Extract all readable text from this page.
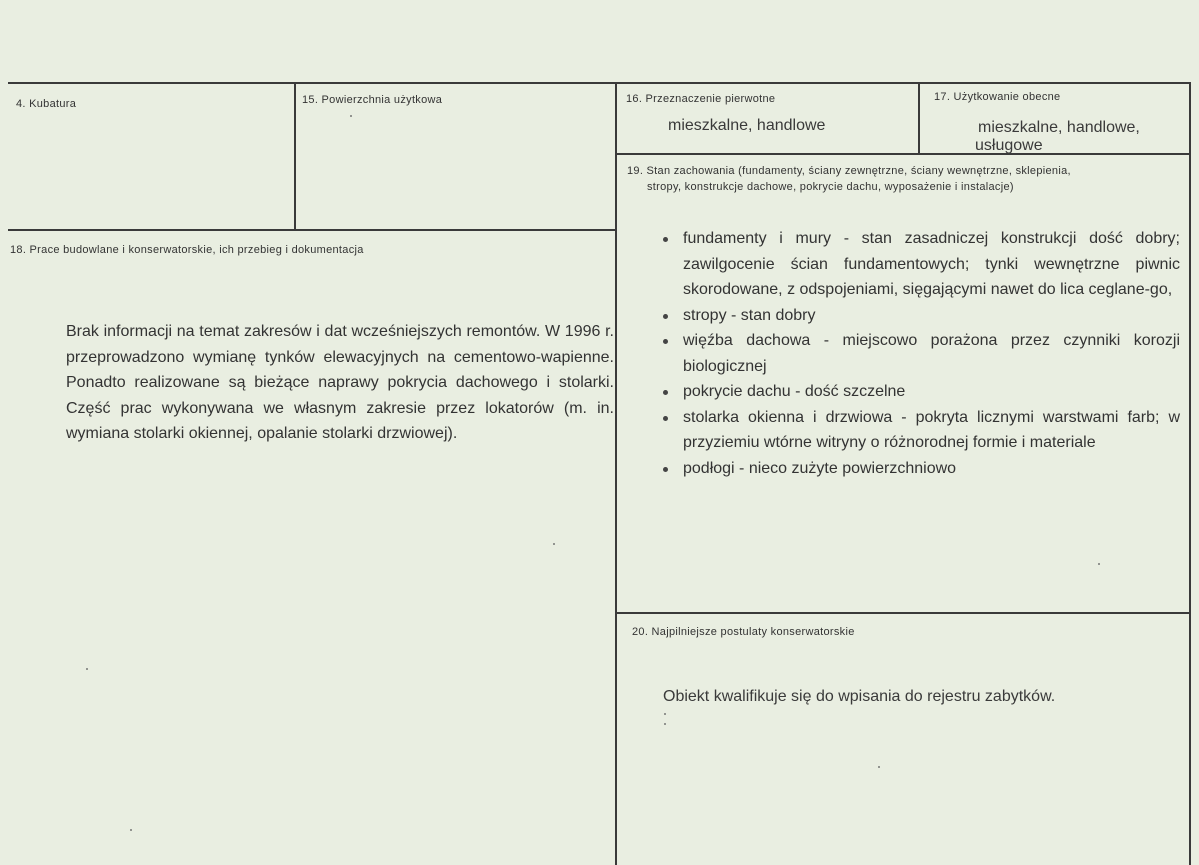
4. Kubatura	15. Powierzchnia użytkowa	16. Przeznaczenie pierwotne
mieszkalne, handlowe
17. Użytkowanie obecne
mieszkalne, handlowe,
usługowe
18. Prace budowlane i konserwatorskie, ich przebieg i dokumentacja
Brak informacji na temat zakresów i dat wcześniejszych remontów. W 1996 r. przeprowadzono wymianę tynków elewacyjnych na cementowo-wapienne. Ponadto realizowane są bieżące naprawy pokrycia dachowego i stolarki. Część prac wykonywana we własnym zakresie przez lokatorów (m. in. wymiana stolarki okiennej, opalanie stolarki drzwiowej).
19. Stan zachowania (fundamenty, ściany zewnętrzne, ściany wewnętrzne, sklepienia,
stropy, konstrukcje dachowe, pokrycie dachu, wyposażenie i instalacje)
fundamenty i mury - stan zasadniczej konstrukcji dość dobry; zawilgocenie ścian fundamentowych; tynki wewnętrzne piwnic skorodowane, z odspojeniami, sięgającymi nawet do lica ceglane-go,
stropy - stan dobry
więźba dachowa - miejscowo porażona przez czynniki korozji biologicznej
pokrycie dachu - dość szczelne
stolarka okienna i drzwiowa - pokryta licznymi warstwami farb; w przyziemiu wtórne witryny o różnorodnej formie i materiale
podłogi - nieco zużyte powierzchniowo
20. Najpilniejsze postulaty konserwatorskie
Obiekt kwalifikuje się do wpisania do rejestru zabytków.
